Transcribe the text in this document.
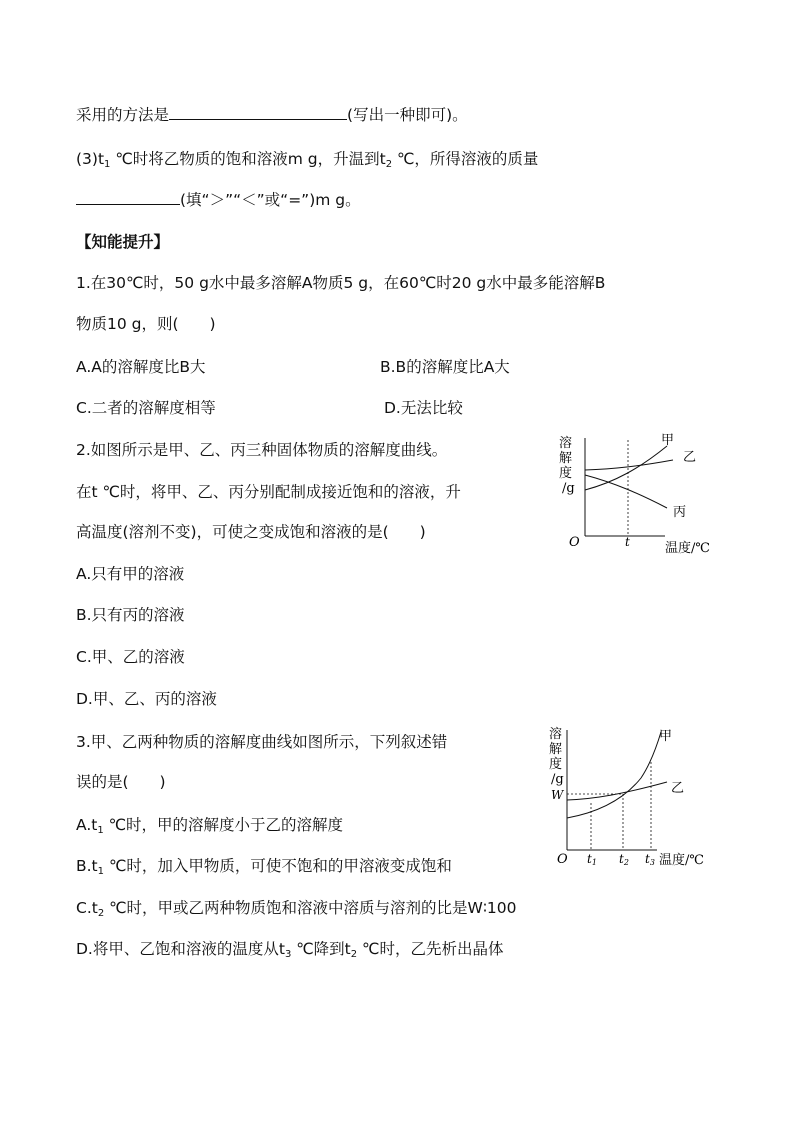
采用的方法是	(写出一种即可)。
$(3)t_1$ ℃时将乙物质的饱和溶液m g，升温到$t_2$ ℃，所得溶液的质量
(填“＞”“＜”或“=”)m g。
【知能提升】
1.在30℃时，50 g水中最多溶解A物质5 g，在60℃时20 g水中最多能溶解B
物质10 g，则(　　)
A.A的溶解度比B大	B.B的溶解度比A大
C.二者的溶解度相等	D.无法比较
2.如图所示是甲、乙、丙三种固体物质的溶解度曲线。
在t ℃时，将甲、乙、丙分别配制成接近饱和的溶液，升
高温度(溶剂不变)，可使之变成饱和溶液的是(　　)
A.只有甲的溶液
B.只有丙的溶液
C.甲、乙的溶液
D.甲、乙、丙的溶液
溶
解
度
/g
O	t	温度/℃
甲
乙
丙
3.甲、乙两种物质的溶解度曲线如图所示，下列叙述错
误的是(　　)
$A.t_1$ ℃时，甲的溶解度小于乙的溶解度
$B.t_1$ ℃时，加入甲物质，可使不饱和的甲溶液变成饱和
$C.t_2$ ℃时，甲或乙两种物质饱和溶液中溶质与溶剂的比是W∶100
D.将甲、乙饱和溶液的温度从$t_3$ ℃降到$t_2$ ℃时，乙先析出晶体
溶
解
度
/g
W
O t1 t2 t3 温度/℃
甲
乙
